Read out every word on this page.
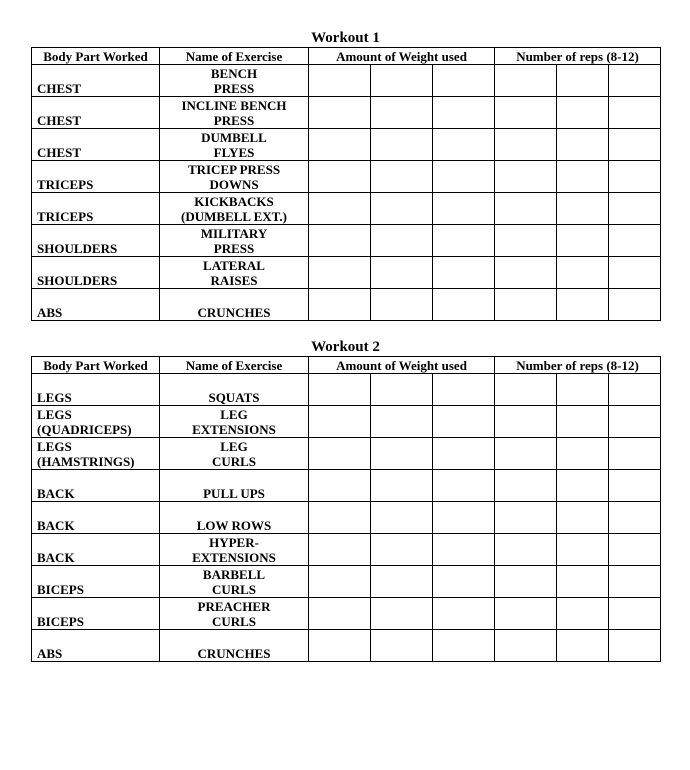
Workout 1
Body Part Worked	Name of Exercise	Amount of Weight used			Number of reps (8-12)		

CHEST	BENCH
PRESS						

CHEST	INCLINE BENCH
PRESS						

CHEST	DUMBELL
FLYES						

TRICEPS	TRICEP PRESS
DOWNS						

TRICEPS	KICKBACKS
(DUMBELL EXT.)						

SHOULDERS	MILITARY
PRESS						

SHOULDERS	LATERAL
RAISES						

ABS	CRUNCHES						

Workout 2
Body Part Worked	Name of Exercise	Amount of Weight used			Number of reps (8-12)		

LEGS	SQUATS						

LEGS
(QUADRICEPS)	LEG
EXTENSIONS						

LEGS
(HAMSTRINGS)	LEG
CURLS						

BACK	PULL UPS						

BACK	LOW ROWS						

BACK	HYPER-
EXTENSIONS						

BICEPS	BARBELL
CURLS						

BICEPS	PREACHER
CURLS						

ABS	CRUNCHES						
